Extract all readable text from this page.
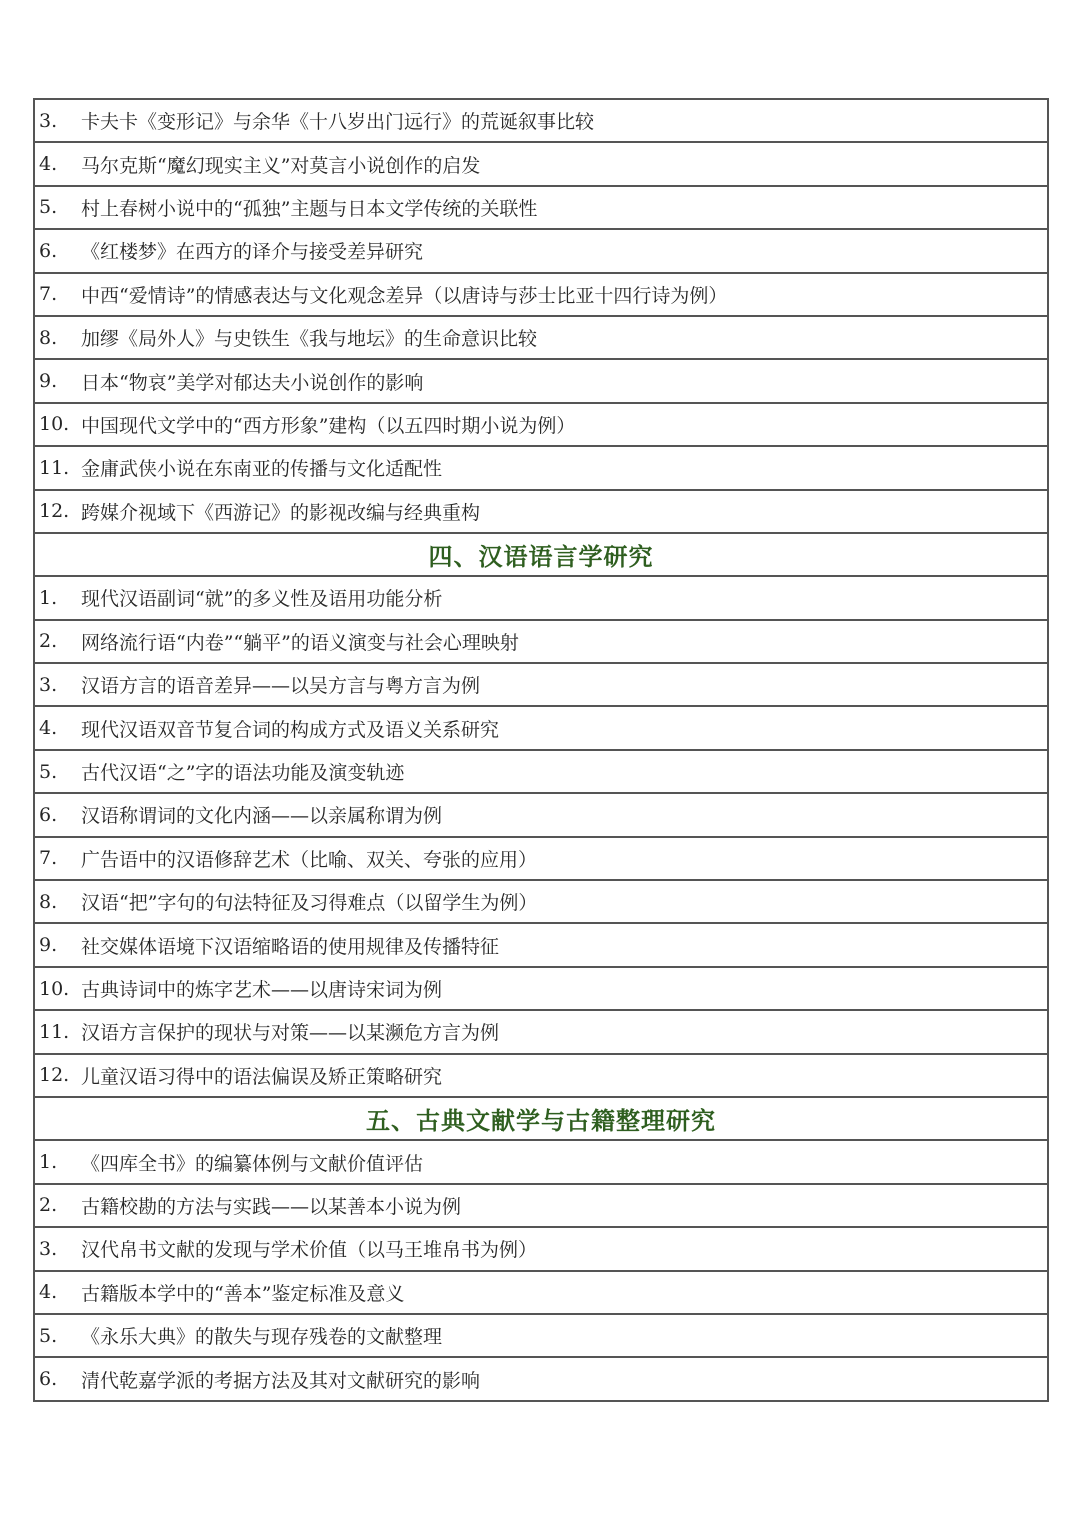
3.	卡夫卡《变形记》与余华《十八岁出门远行》的荒诞叙事比较
4.	马尔克斯“魔幻现实主义”对莫言小说创作的启发
5.	村上春树小说中的“孤独”主题与日本文学传统的关联性
6.	《红楼梦》在西方的译介与接受差异研究
7.	中西“爱情诗”的情感表达与文化观念差异（以唐诗与莎士比亚十四行诗为例）
8.	加缪《局外人》与史铁生《我与地坛》的生命意识比较
9.	日本“物哀”美学对郁达夫小说创作的影响
10. 中国现代文学中的“西方形象”建构（以五四时期小说为例）
11. 金庸武侠小说在东南亚的传播与文化适配性
12. 跨媒介视域下《西游记》的影视改编与经典重构
四、汉语语言学研究
1.	现代汉语副词“就”的多义性及语用功能分析
2.	网络流行语“内卷”“躺平”的语义演变与社会心理映射
3.	汉语方言的语音差异——以吴方言与粤方言为例
4.	现代汉语双音节复合词的构成方式及语义关系研究
5.	古代汉语“之”字的语法功能及演变轨迹
6.	汉语称谓词的文化内涵——以亲属称谓为例
7.	广告语中的汉语修辞艺术（比喻、双关、夸张的应用）
8.	汉语“把”字句的句法特征及习得难点（以留学生为例）
9.	社交媒体语境下汉语缩略语的使用规律及传播特征
10. 古典诗词中的炼字艺术——以唐诗宋词为例
11. 汉语方言保护的现状与对策——以某濒危方言为例
12. 儿童汉语习得中的语法偏误及矫正策略研究
五、古典文献学与古籍整理研究
1.	《四库全书》的编纂体例与文献价值评估
2.	古籍校勘的方法与实践——以某善本小说为例
3.	汉代帛书文献的发现与学术价值（以马王堆帛书为例）
4.	古籍版本学中的“善本”鉴定标准及意义
5.	《永乐大典》的散失与现存残卷的文献整理
6.	清代乾嘉学派的考据方法及其对文献研究的影响
